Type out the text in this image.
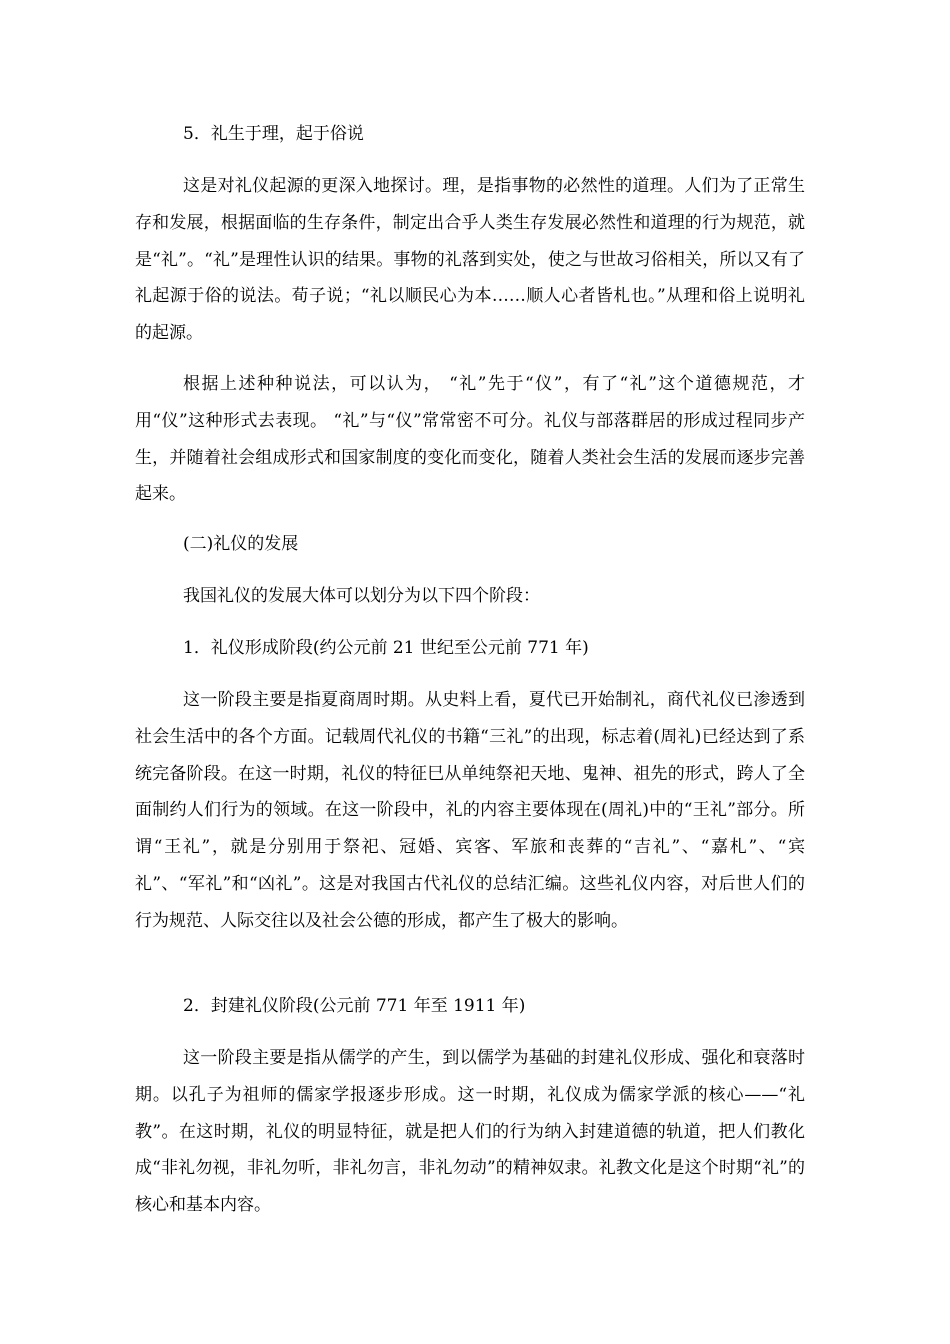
5．礼生于理，起于俗说

这是对礼仪起源的更深入地探讨。理，是指事物的必然性的道理。人们为了正常生存和发展，根据面临的生存条件，制定出合乎人类生存发展必然性和道理的行为规范，就是“礼”。“礼”是理性认识的结果。事物的礼落到实处，使之与世故习俗相关，所以又有了礼起源于俗的说法。荀子说；“礼以顺民心为本……顺人心者皆札也。”从理和俗上说明礼的起源。

根据上述种种说法，可以认为， “礼”先于“仪”，有了“礼”这个道德规范，才用“仪”这种形式去表现。 “礼”与“仪”常常密不可分。礼仪与部落群居的形成过程同步产生，并随着社会组成形式和国家制度的变化而变化，随着人类社会生活的发展而逐步完善起来。

(二)礼仪的发展

我国礼仪的发展大体可以划分为以下四个阶段：

1．礼仪形成阶段(约公元前 21 世纪至公元前 771 年)

这一阶段主要是指夏商周时期。从史料上看，夏代已开始制礼，商代礼仪已渗透到社会生活中的各个方面。记载周代礼仪的书籍“三礼”的出现，标志着(周礼)已经达到了系统完备阶段。在这一时期，礼仪的特征巳从单纯祭祀天地、鬼神、祖先的形式，跨人了全面制约人们行为的领域。在这一阶段中，礼的内容主要体现在(周礼)中的“王礼”部分。所谓“王礼”，就是分别用于祭祀、冠婚、宾客、军旅和丧葬的“吉礼”、“嘉札”、“宾礼”、“军礼”和“凶礼”。这是对我国古代礼仪的总结汇编。这些礼仪内容，对后世人们的行为规范、人际交往以及社会公德的形成，都产生了极大的影响。

2．封建礼仪阶段(公元前 771 年至 1911 年)

这一阶段主要是指从儒学的产生，到以儒学为基础的封建礼仪形成、强化和衰落时期。以孔子为祖师的儒家学报逐步形成。这一时期，礼仪成为儒家学派的核心——“礼教”。在这时期，礼仪的明显特征，就是把人们的行为纳入封建道德的轨道，把人们教化成“非礼勿视，非礼勿听，非礼勿言，非礼勿动”的精神奴隶。礼教文化是这个时期“礼”的核心和基本内容。
